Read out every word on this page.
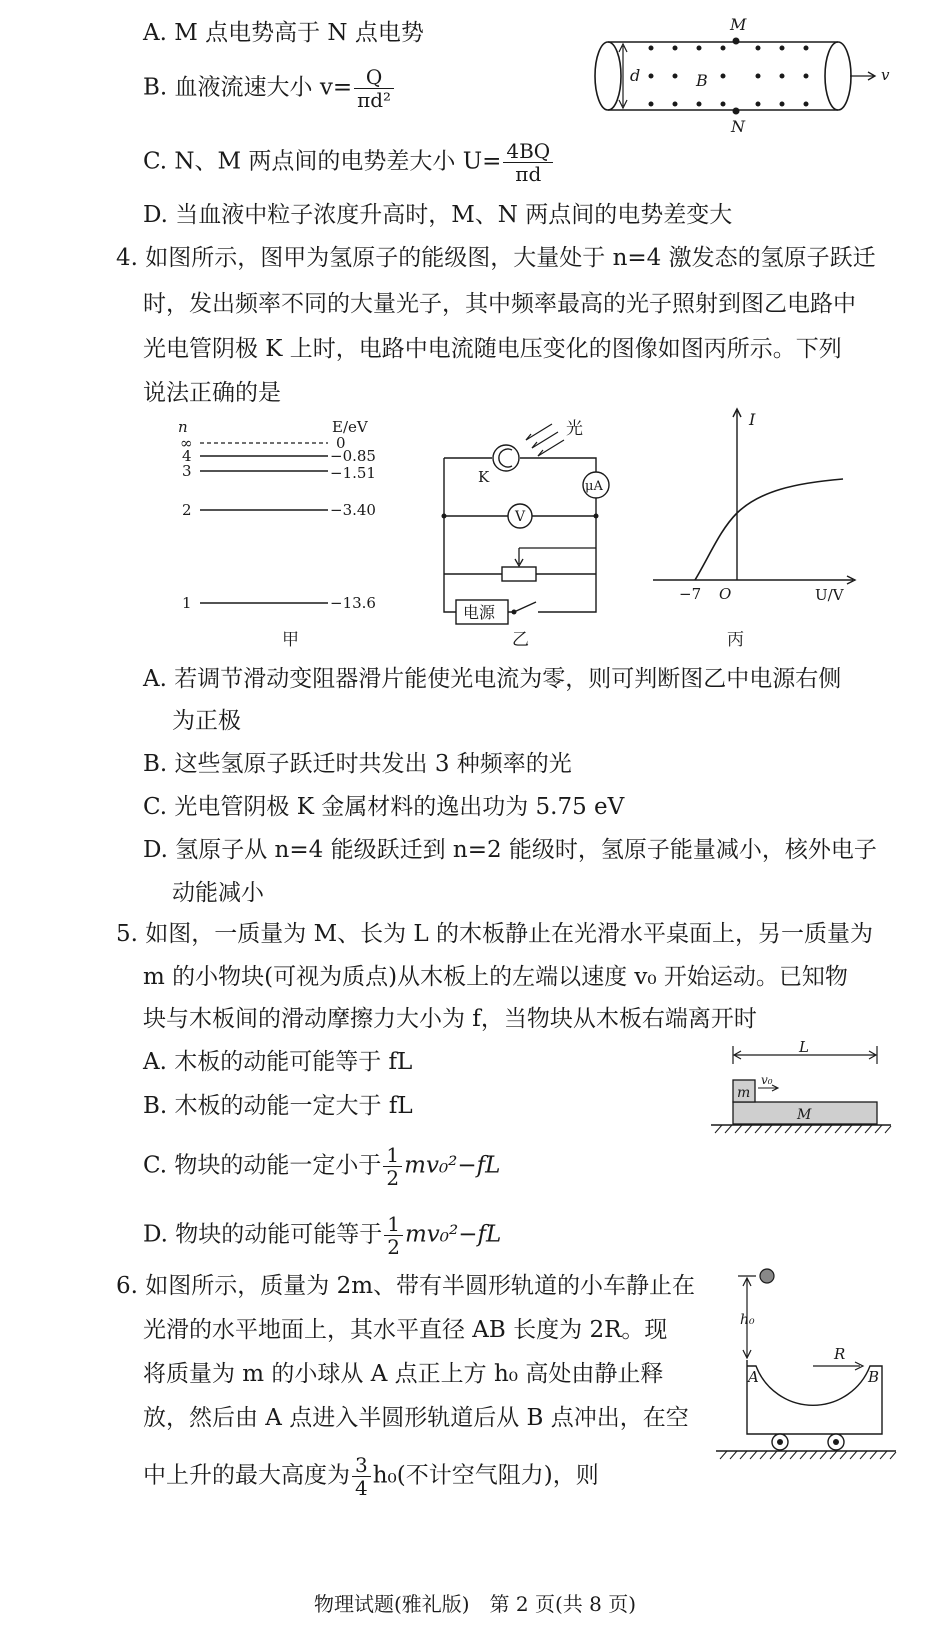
A. M 点电势高于 N 点电势
B. 血液流速大小 $v= \frac{Q}{\text{πd²}}$
C. N、M 两点间的电势差大小 $U= \frac{4BQ}{\pi d}$
D. 当血液中粒子浓度升高时，M、N 两点间的电势差变大
d
M
N
B	v
4. 如图所示，图甲为氢原子的能级图，大量处于 n=4 激发态的氢原子跃迁
时，发出频率不同的大量光子，其中频率最高的光子照射到图乙电路中
光电管阴极 K 上时，电路中电流随电压变化的图像如图丙所示。下列
说法正确的是
n	E/eV
∞
4
3
2
1
0
−0.85
−1.51
−3.40
−13.6
甲
K
光
μA
V
电源
乙
I
U/V
O
−7
丙
A. 若调节滑动变阻器滑片能使光电流为零，则可判断图乙中电源右侧
为正极
B. 这些氢原子跃迁时共发出 3 种频率的光
C. 光电管阴极 K 金属材料的逸出功为 5.75 eV
D. 氢原子从 n=4 能级跃迁到 n=2 能级时，氢原子能量减小，核外电子
动能减小
5. 如图，一质量为 M、长为 L 的木板静止在光滑水平桌面上，另一质量为
m 的小物块(可视为质点)从木板上的左端以速度 v₀ 开始运动。已知物
块与木板间的滑动摩擦力大小为 f，当物块从木板右端离开时
A. 木板的动能可能等于 fL
B. 木板的动能一定大于 fL
C. 物块的动能一定小于 $\frac{1}{2} mv_0^2-fL$
D. 物块的动能可能等于 $\frac{1}{2} mv_0^2-fL$
L
m
M
v₀
6. 如图所示，质量为 2m、带有半圆形轨道的小车静止在
光滑的水平地面上，其水平直径 AB 长度为 2R。现
将质量为 m 的小球从 A 点正上方 h₀ 高处由静止释
放，然后由 A 点进入半圆形轨道后从 B 点冲出，在空
中上升的最大高度为 $\frac{3}{4} h_0$(不计空气阻力)，则
h₀
R
A	B
物理试题(雅礼版)　第 2 页(共 8 页)
